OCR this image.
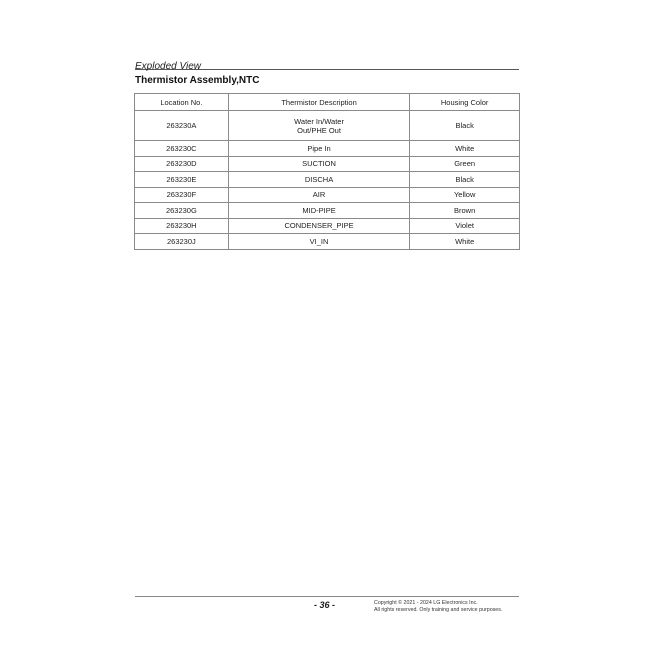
Exploded View
Thermistor Assembly,NTC
Location No.	Thermistor Description	Housing Color
263230A	Water In/Water
Out/PHE Out	Black
263230C	Pipe In	White
263230D	SUCTION	Green
263230E	DISCHA	Black
263230F	AIR	Yellow
263230G	MID-PIPE	Brown
263230H	CONDENSER_PIPE	Violet
263230J	VI_IN	White
- 36 -	Copyright © 2021 - 2024 LG Electronics Inc.
All rights reserved. Only training and service purposes.
